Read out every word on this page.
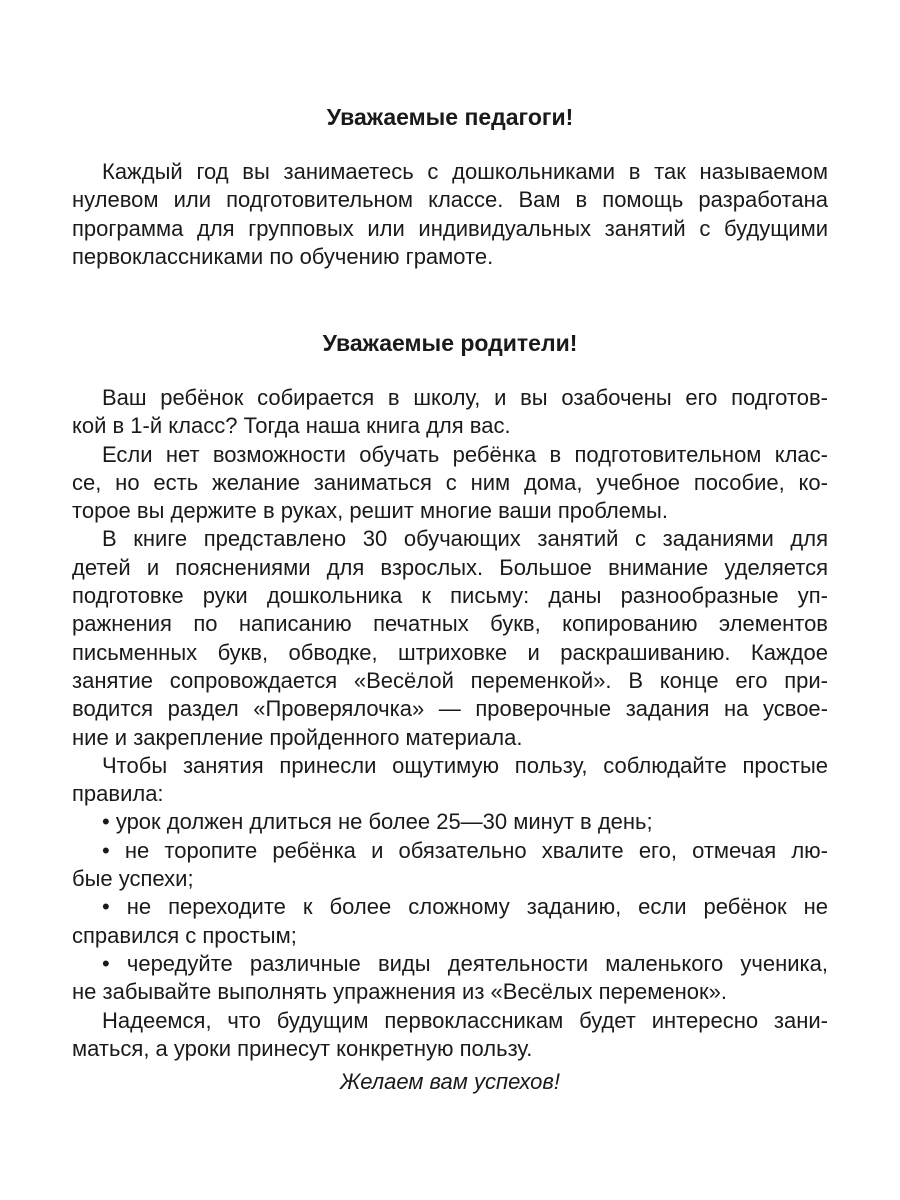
Уважаемые педагоги!
Каждый год вы занимаетесь с дошкольниками в так называемом
нулевом или подготовительном классе. Вам в помощь разработана
программа для групповых или индивидуальных занятий с будущими
первоклассниками по обучению грамоте.
Уважаемые родители!
Ваш ребёнок собирается в школу, и вы озабочены его подготов-
кой в 1-й класс? Тогда наша книга для вас.
Если нет возможности обучать ребёнка в подготовительном клас-
се, но есть желание заниматься с ним дома, учебное пособие, ко-
торое вы держите в руках, решит многие ваши проблемы.
В книге представлено 30 обучающих занятий с заданиями для
детей и пояснениями для взрослых. Большое внимание уделяется
подготовке руки дошкольника к письму: даны разнообразные уп-
ражнения по написанию печатных букв, копированию элементов
письменных букв, обводке, штриховке и раскрашиванию. Каждое
занятие сопровождается «Весёлой переменкой». В конце его при-
водится раздел «Проверялочка» — проверочные задания на усвое-
ние и закрепление пройденного материала.
Чтобы занятия принесли ощутимую пользу, соблюдайте простые
правила:
• урок должен длиться не более 25—30 минут в день;
• не торопите ребёнка и обязательно хвалите его, отмечая лю-
бые успехи;
• не переходите к более сложному заданию, если ребёнок не
справился с простым;
• чередуйте различные виды деятельности маленького ученика,
не забывайте выполнять упражнения из «Весёлых переменок».
Надеемся, что будущим первоклассникам будет интересно зани-
маться, а уроки принесут конкретную пользу.

Желаем вам успехов!
